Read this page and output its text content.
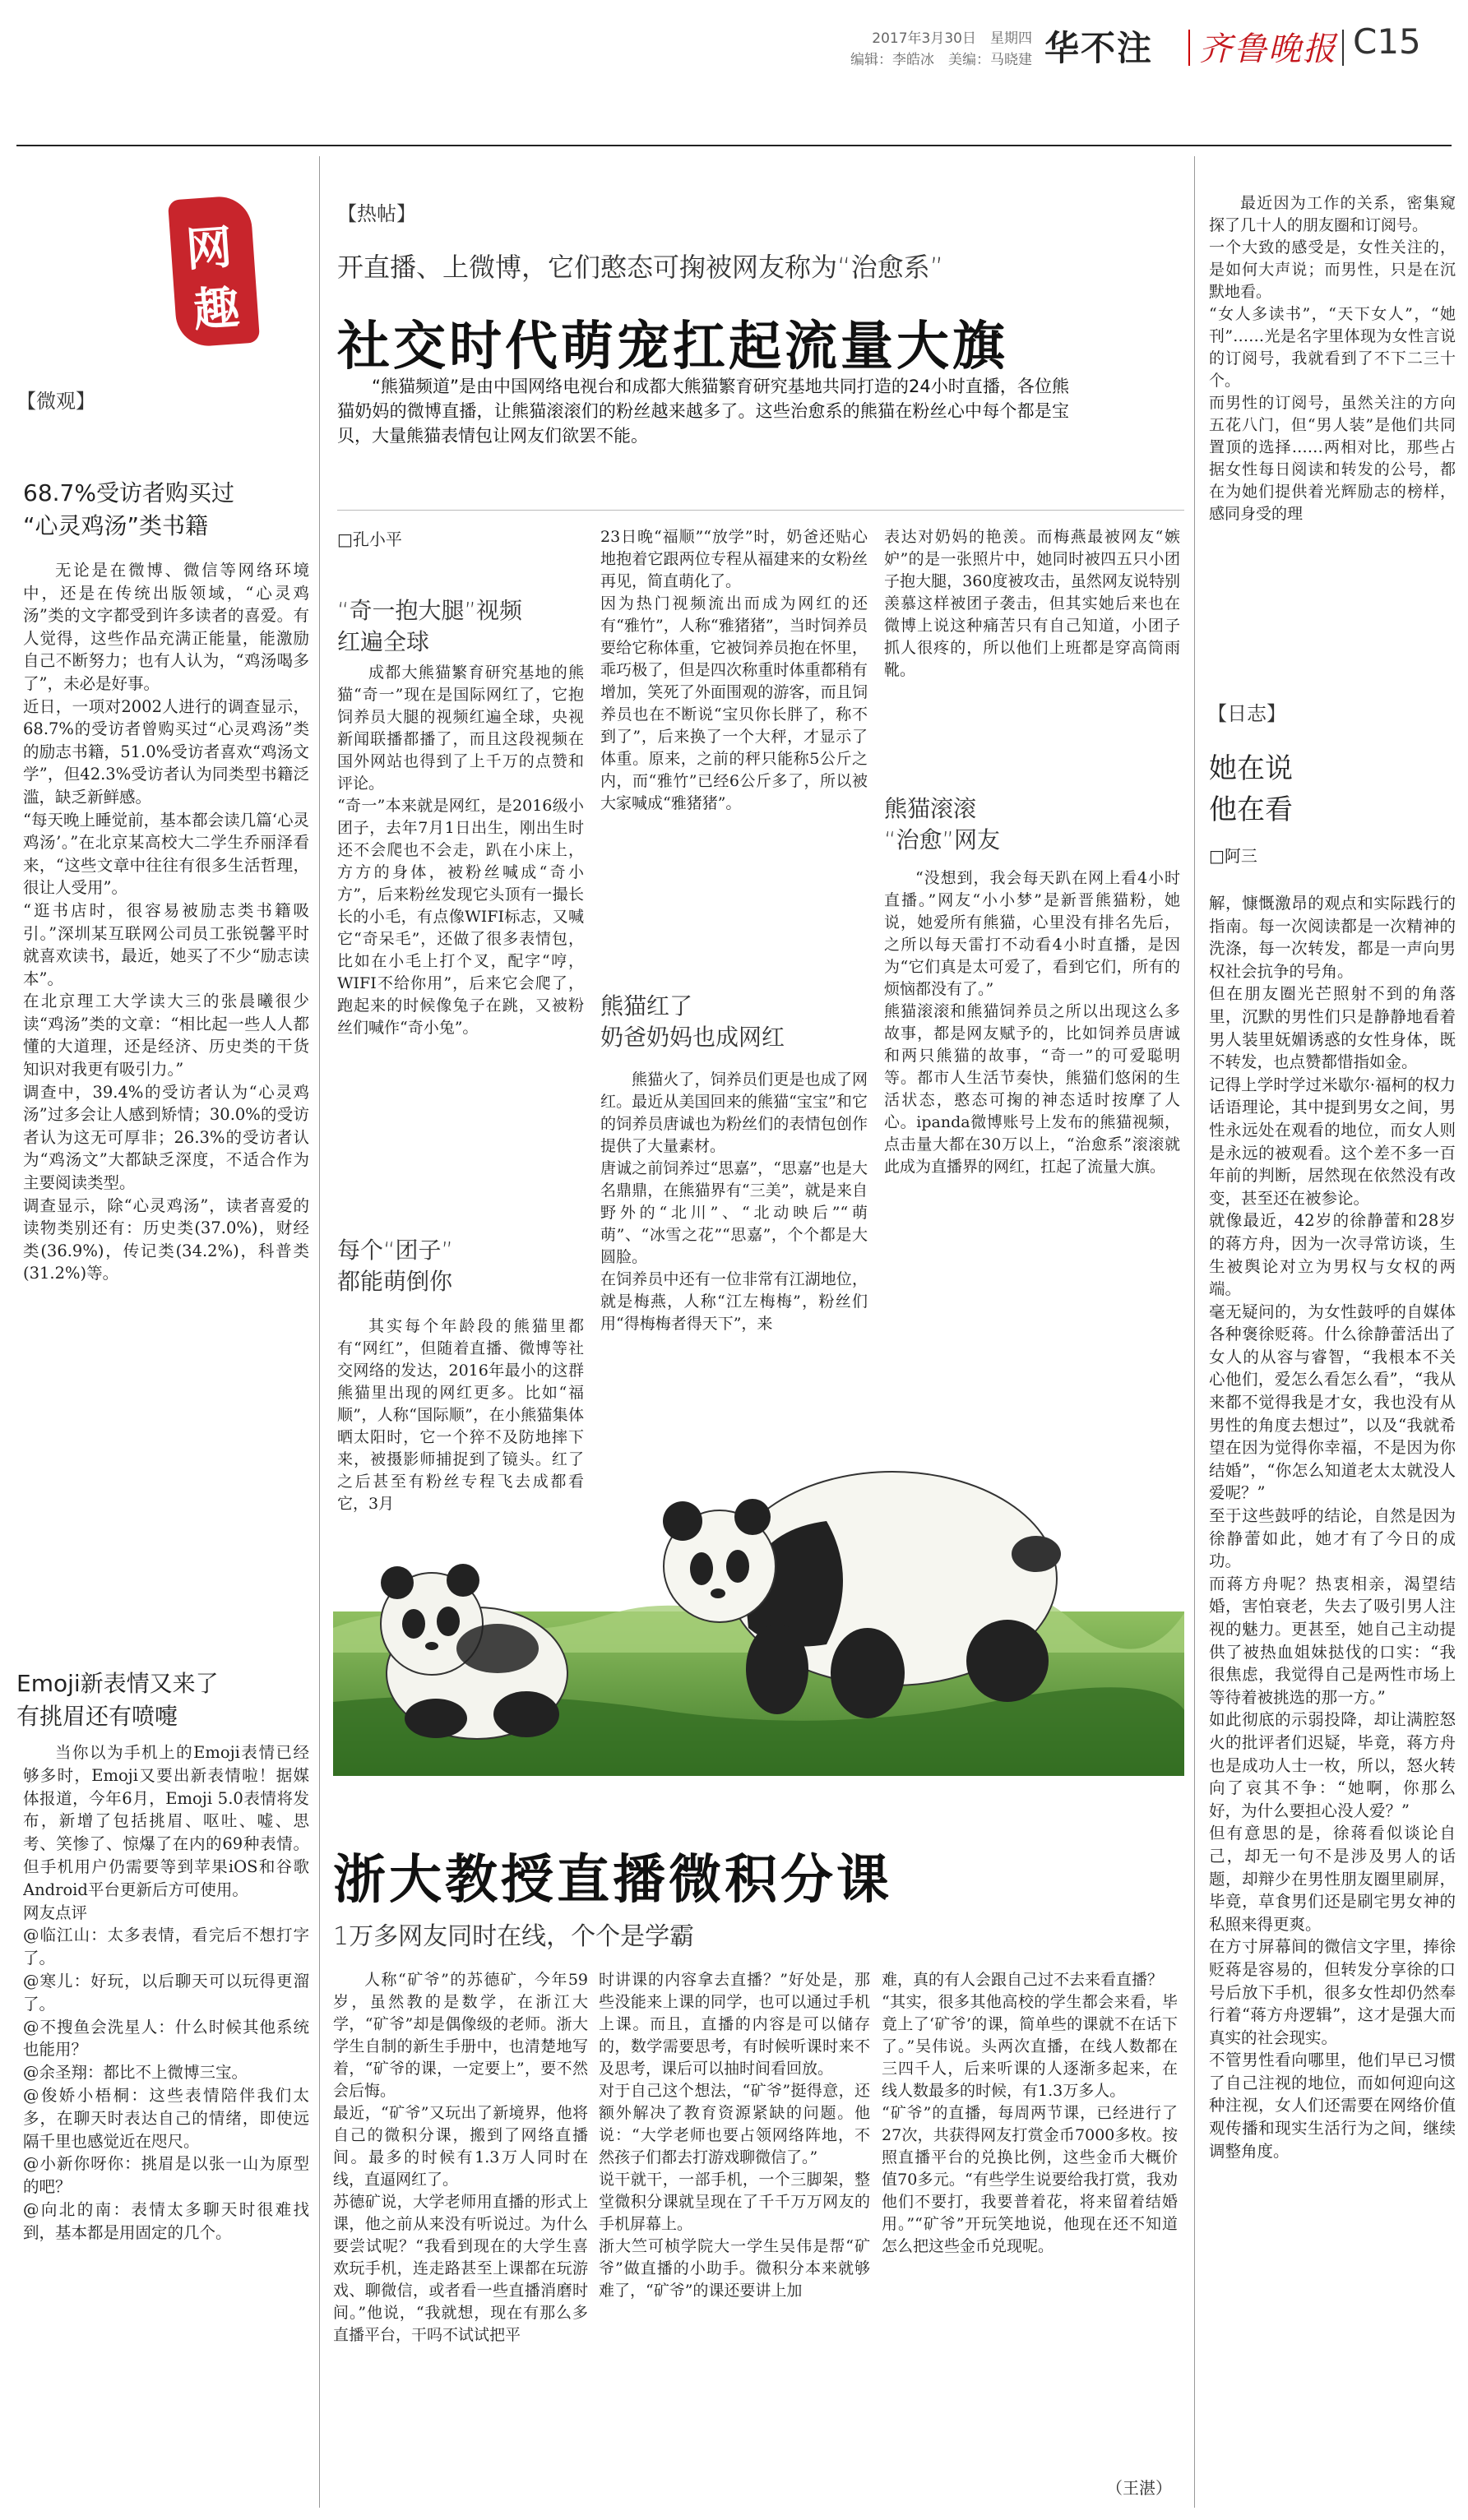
2017年3月30日　星期四
编辑：李皓冰　美编：马晓建 华不注 齐鲁晚报 C15
网
趣
【微观】
68.7%受访者购买过
“心灵鸡汤”类书籍
无论是在微博、微信等网络环境中，还是在传统出版领域，“心灵鸡汤”类的文字都受到许多读者的喜爱。有人觉得，这些作品充满正能量，能激励自己不断努力；也有人认为，“鸡汤喝多了”，未必是好事。
近日，一项对2002人进行的调查显示，68.7%的受访者曾购买过“心灵鸡汤”类的励志书籍，51.0%受访者喜欢“鸡汤文学”，但42.3%受访者认为同类型书籍泛滥，缺乏新鲜感。
“每天晚上睡觉前，基本都会读几篇‘心灵鸡汤’。”在北京某高校大二学生乔丽泽看来，“这些文章中往往有很多生活哲理，很让人受用”。
“逛书店时，很容易被励志类书籍吸引。”深圳某互联网公司员工张锐馨平时就喜欢读书，最近，她买了不少“励志读本”。
在北京理工大学读大三的张晨曦很少读“鸡汤”类的文章：“相比起一些人人都懂的大道理，还是经济、历史类的干货知识对我更有吸引力。”
调查中，39.4%的受访者认为“心灵鸡汤”过多会让人感到矫情；30.0%的受访者认为这无可厚非；26.3%的受访者认为“鸡汤文”大都缺乏深度，不适合作为主要阅读类型。
调查显示，除“心灵鸡汤”，读者喜爱的读物类别还有：历史类(37.0%)，财经类(36.9%)，传记类(34.2%)，科普类(31.2%)等。
Emoji新表情又来了
有挑眉还有喷嚏
当你以为手机上的Emoji表情已经够多时，Emoji又要出新表情啦！据媒体报道，今年6月，Emoji 5.0表情将发布，新增了包括挑眉、呕吐、嘘、思考、笑惨了、惊爆了在内的69种表情。但手机用户仍需要等到苹果iOS和谷歌Android平台更新后方可使用。
网友点评
@临江山：太多表情，看完后不想打字了。
@寒儿：好玩，以后聊天可以玩得更溜了。
@不搜鱼会洗星人：什么时候其他系统也能用？
@余圣翔：都比不上微博三宝。
@俊娇小梧桐：这些表情陪伴我们太多，在聊天时表达自己的情绪，即使远隔千里也感觉近在咫尺。
@小新你呀你：挑眉是以张一山为原型的吧？
@向北的南：表情太多聊天时很难找到，基本都是用固定的几个。
【热帖】
开直播、上微博，它们憨态可掬被网友称为“治愈系”
社交时代萌宠扛起流量大旗
“熊猫频道”是由中国网络电视台和成都大熊猫繁育研究基地共同打造的24小时直播，各位熊猫奶妈的微博直播，让熊猫滚滚们的粉丝越来越多了。这些治愈系的熊猫在粉丝心中每个都是宝贝，大量熊猫表情包让网友们欲罢不能。
□孔小平
“奇一抱大腿”视频
红遍全球
成都大熊猫繁育研究基地的熊猫“奇一”现在是国际网红了，它抱饲养员大腿的视频红遍全球，央视新闻联播都播了，而且这段视频在国外网站也得到了上千万的点赞和评论。
“奇一”本来就是网红，是2016级小团子，去年7月1日出生，刚出生时还不会爬也不会走，趴在小床上，方方的身体，被粉丝喊成“奇小方”，后来粉丝发现它头顶有一撮长长的小毛，有点像WIFI标志，又喊它“奇呆毛”，还做了很多表情包，比如在小毛上打个叉，配字“哼，WIFI不给你用”，后来它会爬了，跑起来的时候像兔子在跳，又被粉丝们喊作“奇小兔”。
每个“团子”
都能萌倒你
其实每个年龄段的熊猫里都有“网红”，但随着直播、微博等社交网络的发达，2016年最小的这群熊猫里出现的网红更多。比如“福顺”，人称“国际顺”，在小熊猫集体晒太阳时，它一个猝不及防地摔下来，被摄影师捕捉到了镜头。红了之后甚至有粉丝专程飞去成都看它，3月
23日晚“福顺”“放学”时，奶爸还贴心地抱着它跟两位专程从福建来的女粉丝再见，简直萌化了。
因为热门视频流出而成为网红的还有“雅竹”，人称“雅猪猪”，当时饲养员要给它称体重，它被饲养员抱在怀里，乖巧极了，但是四次称重时体重都稍有增加，笑死了外面围观的游客，而且饲养员也在不断说“宝贝你长胖了，称不到了”，后来换了一个大秤，才显示了体重。原来，之前的秤只能称5公斤之内，而“雅竹”已经6公斤多了，所以被大家喊成“雅猪猪”。
熊猫红了
奶爸奶妈也成网红
熊猫火了，饲养员们更是也成了网红。最近从美国回来的熊猫“宝宝”和它的饲养员唐诚也为粉丝们的表情包创作提供了大量素材。
唐诚之前饲养过“思嘉”，“思嘉”也是大名鼎鼎，在熊猫界有“三美”，就是来自野外的“北川”、“北动映后”“萌萌”、“冰雪之花”“思嘉”，个个都是大圆脸。
在饲养员中还有一位非常有江湖地位，就是梅燕，人称“江左梅梅”，粉丝们用“得梅梅者得天下”，来
表达对奶妈的艳羡。而梅燕最被网友“嫉妒”的是一张照片中，她同时被四五只小团子抱大腿，360度被攻击，虽然网友说特别羡慕这样被团子袭击，但其实她后来也在微博上说这种痛苦只有自己知道，小团子抓人很疼的，所以他们上班都是穿高筒雨靴。
熊猫滚滚
“治愈”网友
“没想到，我会每天趴在网上看4小时直播。”网友“小小梦”是新晋熊猫粉，她说，她爱所有熊猫，心里没有排名先后，之所以每天雷打不动看4小时直播，是因为“它们真是太可爱了，看到它们，所有的烦恼都没有了。”
熊猫滚滚和熊猫饲养员之所以出现这么多故事，都是网友赋予的，比如饲养员唐诚和两只熊猫的故事，“奇一”的可爱聪明等。都市人生活节奏快，熊猫们悠闲的生活状态，憨态可掬的神态适时按摩了人心。ipanda微博账号上发布的熊猫视频，点击量大都在30万以上，“治愈系”滚滚就此成为直播界的网红，扛起了流量大旗。
浙大教授直播微积分课
1万多网友同时在线，个个是学霸
人称“矿爷”的苏德矿，今年59岁，虽然教的是数学，在浙江大学，“矿爷”却是偶像级的老师。浙大学生自制的新生手册中，也清楚地写着，“矿爷的课，一定要上”，要不然会后悔。
最近，“矿爷”又玩出了新境界，他将自己的微积分课，搬到了网络直播间。最多的时候有1.3万人同时在线，直逼网红了。
苏德矿说，大学老师用直播的形式上课，他之前从来没有听说过。为什么要尝试呢？“我看到现在的大学生喜欢玩手机，连走路甚至上课都在玩游戏、聊微信，或者看一些直播消磨时间。”他说，“我就想，现在有那么多直播平台，干吗不试试把平
时讲课的内容拿去直播？”好处是，那些没能来上课的同学，也可以通过手机上课。而且，直播的内容是可以储存的，数学需要思考，有时候听课时来不及思考，课后可以抽时间看回放。
对于自己这个想法，“矿爷”挺得意，还额外解决了教育资源紧缺的问题。他说：“大学老师也要占领网络阵地，不然孩子们都去打游戏聊微信了。”
说干就干，一部手机，一个三脚架，整堂微积分课就呈现在了千千万万网友的手机屏幕上。
浙大竺可桢学院大一学生吴伟是帮“矿爷”做直播的小助手。微积分本来就够难了，“矿爷”的课还要讲上加
难，真的有人会跟自己过不去来看直播？
“其实，很多其他高校的学生都会来看，毕竟上了‘矿爷’的课，简单些的课就不在话下了。”吴伟说。头两次直播，在线人数都在三四千人，后来听课的人逐渐多起来，在线人数最多的时候，有1.3万多人。
“矿爷”的直播，每周两节课，已经进行了27次，共获得网友打赏金币7000多枚。按照直播平台的兑换比例，这些金币大概价值70多元。“有些学生说要给我打赏，我劝他们不要打，我要普着花，将来留着结婚用。”“矿爷”开玩笑地说，他现在还不知道怎么把这些金币兑现呢。
（王湛）
最近因为工作的关系，密集窥探了几十人的朋友圈和订阅号。
一个大致的感受是，女性关注的，是如何大声说；而男性，只是在沉默地看。
“女人多读书”，“天下女人”，“她刊”……光是名字里体现为女性言说的订阅号，我就看到了不下二三十个。
而男性的订阅号，虽然关注的方向五花八门，但“男人装”是他们共同置顶的选择……两相对比，那些占据女性每日阅读和转发的公号，都在为她们提供着光辉励志的榜样，感同身受的理
【日志】
她在说
他在看
□阿三
解，慷慨激昂的观点和实际践行的指南。每一次阅读都是一次精神的洗涤，每一次转发，都是一声向男权社会抗争的号角。
但在朋友圈光芒照射不到的角落里，沉默的男性们只是静静地看着男人装里妩媚诱惑的女性身体，既不转发，也点赞都惜指如金。
记得上学时学过米歇尔·福柯的权力话语理论，其中提到男女之间，男性永远处在观看的地位，而女人则是永远的被观看。这个差不多一百年前的判断，居然现在依然没有改变，甚至还在被参论。
就像最近，42岁的徐静蕾和28岁的蒋方舟，因为一次寻常访谈，生生被舆论对立为男权与女权的两端。
毫无疑问的，为女性鼓呼的自媒体各种褒徐贬蒋。什么徐静蕾活出了女人的从容与睿智，“我根本不关心他们，爱怎么看怎么看”，“我从来都不觉得我是才女，我也没有从男性的角度去想过”，以及“我就希望在因为觉得你幸福，不是因为你结婚”，“你怎么知道老太太就没人爱呢？”
至于这些鼓呼的结论，自然是因为徐静蕾如此，她才有了今日的成功。
而蒋方舟呢？热衷相亲，渴望结婚，害怕衰老，失去了吸引男人注视的魅力。更甚至，她自己主动提供了被热血姐妹挞伐的口实：“我很焦虑，我觉得自己是两性市场上等待着被挑选的那一方。”
如此彻底的示弱投降，却让满腔怒火的批评者们迟疑，毕竟，蒋方舟也是成功人士一枚，所以，怒火转向了哀其不争：“她啊，你那么好，为什么要担心没人爱？”
但有意思的是，徐蒋看似谈论自己，却无一句不是涉及男人的话题，却辩少在男性朋友圈里刷屏，毕竟，草食男们还是刷宅男女神的私照来得更爽。
在方寸屏幕间的微信文字里，捧徐贬蒋是容易的，但转发分享徐的口号后放下手机，很多女性却仍然奉行着“蒋方舟逻辑”，这才是强大而真实的社会现实。
不管男性看向哪里，他们早已习惯了自己注视的地位，而如何迎向这种注视，女人们还需要在网络价值观传播和现实生活行为之间，继续调整角度。
